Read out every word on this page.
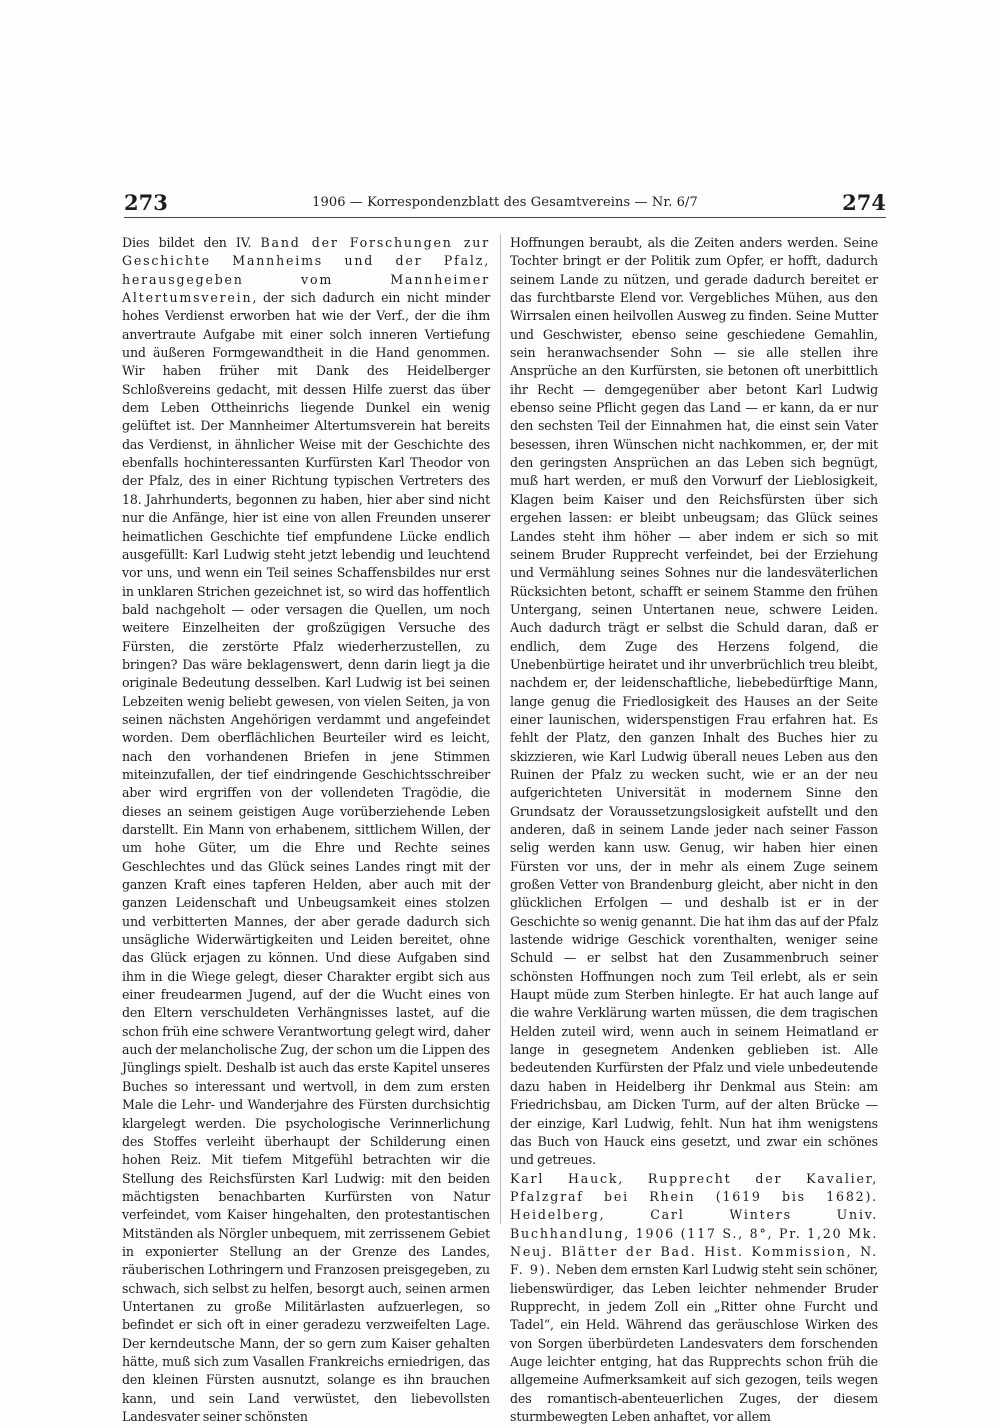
273	1906 — Korrespondenzblatt des Gesamtvereins — Nr. 6/7	274

Dies bildet den IV. Band der Forschungen zur Geschichte Mannheims und der Pfalz, herausgegeben vom Mannheimer Altertumsverein, der sich dadurch ein nicht minder hohes Verdienst erworben hat wie der Verf., der die ihm anvertraute Aufgabe mit einer solch inneren Vertiefung und äußeren Formgewandtheit in die Hand genommen. Wir haben früher mit Dank des Heidelberger Schloßvereins gedacht, mit dessen Hilfe zuerst das über dem Leben Ottheinrichs liegende Dunkel ein wenig gelüftet ist. Der Mannheimer Altertumsverein hat bereits das Verdienst, in ähnlicher Weise mit der Geschichte des ebenfalls hochinteressanten Kurfürsten Karl Theodor von der Pfalz, des in einer Richtung typischen Vertreters des 18. Jahrhunderts, begonnen zu haben, hier aber sind nicht nur die Anfänge, hier ist eine von allen Freunden unserer heimatlichen Geschichte tief empfundene Lücke endlich ausgefüllt: Karl Ludwig steht jetzt lebendig und leuchtend vor uns, und wenn ein Teil seines Schaffensbildes nur erst in unklaren Strichen gezeichnet ist, so wird das hoffentlich bald nachgeholt — oder versagen die Quellen, um noch weitere Einzelheiten der großzügigen Versuche des Fürsten, die zerstörte Pfalz wiederherzustellen, zu bringen? Das wäre beklagenswert, denn darin liegt ja die originale Bedeutung desselben. Karl Ludwig ist bei seinen Lebzeiten wenig beliebt gewesen, von vielen Seiten, ja von seinen nächsten Angehörigen verdammt und angefeindet worden. Dem oberflächlichen Beurteiler wird es leicht, nach den vorhandenen Briefen in jene Stimmen miteinzufallen, der tief eindringende Geschichtsschreiber aber wird ergriffen von der vollendeten Tragödie, die dieses an seinem geistigen Auge vorüberziehende Leben darstellt. Ein Mann von erhabenem, sittlichem Willen, der um hohe Güter, um die Ehre und Rechte seines Geschlechtes und das Glück seines Landes ringt mit der ganzen Kraft eines tapferen Helden, aber auch mit der ganzen Leidenschaft und Unbeugsamkeit eines stolzen und verbitterten Mannes, der aber gerade dadurch sich unsägliche Widerwärtigkeiten und Leiden bereitet, ohne das Glück erjagen zu können. Und diese Aufgaben sind ihm in die Wiege gelegt, dieser Charakter ergibt sich aus einer freudearmen Jugend, auf der die Wucht eines von den Eltern verschuldeten Verhängnisses lastet, auf die schon früh eine schwere Verantwortung gelegt wird, daher auch der melancholische Zug, der schon um die Lippen des Jünglings spielt. Deshalb ist auch das erste Kapitel unseres Buches so interessant und wertvoll, in dem zum ersten Male die Lehr- und Wanderjahre des Fürsten durchsichtig klargelegt werden. Die psychologische Verinnerlichung des Stoffes verleiht überhaupt der Schilderung einen hohen Reiz. Mit tiefem Mitgefühl betrachten wir die Stellung des Reichsfürsten Karl Ludwig: mit den beiden mächtigsten benachbarten Kurfürsten von Natur verfeindet, vom Kaiser hingehalten, den protestantischen Mitständen als Nörgler unbequem, mit zerrissenem Gebiet in exponierter Stellung an der Grenze des Landes, räuberischen Lothringern und Franzosen preisgegeben, zu schwach, sich selbst zu helfen, besorgt auch, seinen armen Untertanen zu große Militärlasten aufzuerlegen, so befindet er sich oft in einer geradezu verzweifelten Lage. Der kerndeutsche Mann, der so gern zum Kaiser gehalten hätte, muß sich zum Vasallen Frankreichs erniedrigen, das den kleinen Fürsten ausnutzt, solange es ihn brauchen kann, und sein Land verwüstet, den liebevollsten Landesvater seiner schönsten

Hoffnungen beraubt, als die Zeiten anders werden. Seine Tochter bringt er der Politik zum Opfer, er hofft, dadurch seinem Lande zu nützen, und gerade dadurch bereitet er das furchtbarste Elend vor. Vergebliches Mühen, aus den Wirrsalen einen heilvollen Ausweg zu finden. Seine Mutter und Geschwister, ebenso seine geschiedene Gemahlin, sein heranwachsender Sohn — sie alle stellen ihre Ansprüche an den Kurfürsten, sie betonen oft unerbittlich ihr Recht — demgegenüber aber betont Karl Ludwig ebenso seine Pflicht gegen das Land — er kann, da er nur den sechsten Teil der Einnahmen hat, die einst sein Vater besessen, ihren Wünschen nicht nachkommen, er, der mit den geringsten Ansprüchen an das Leben sich begnügt, muß hart werden, er muß den Vorwurf der Lieblosigkeit, Klagen beim Kaiser und den Reichsfürsten über sich ergehen lassen: er bleibt unbeugsam; das Glück seines Landes steht ihm höher — aber indem er sich so mit seinem Bruder Rupprecht verfeindet, bei der Erziehung und Vermählung seines Sohnes nur die landesväterlichen Rücksichten betont, schafft er seinem Stamme den frühen Untergang, seinen Untertanen neue, schwere Leiden. Auch dadurch trägt er selbst die Schuld daran, daß er endlich, dem Zuge des Herzens folgend, die Unebenbürtige heiratet und ihr unverbrüchlich treu bleibt, nachdem er, der leidenschaftliche, liebebedürftige Mann, lange genug die Friedlosigkeit des Hauses an der Seite einer launischen, widerspenstigen Frau erfahren hat. Es fehlt der Platz, den ganzen Inhalt des Buches hier zu skizzieren, wie Karl Ludwig überall neues Leben aus den Ruinen der Pfalz zu wecken sucht, wie er an der neu aufgerichteten Universität in modernem Sinne den Grundsatz der Voraussetzungslosigkeit aufstellt und den anderen, daß in seinem Lande jeder nach seiner Fasson selig werden kann usw. Genug, wir haben hier einen Fürsten vor uns, der in mehr als einem Zuge seinem großen Vetter von Brandenburg gleicht, aber nicht in den glücklichen Erfolgen — und deshalb ist er in der Geschichte so wenig genannt. Die hat ihm das auf der Pfalz lastende widrige Geschick vorenthalten, weniger seine Schuld — er selbst hat den Zusammenbruch seiner schönsten Hoffnungen noch zum Teil erlebt, als er sein Haupt müde zum Sterben hinlegte. Er hat auch lange auf die wahre Verklärung warten müssen, die dem tragischen Helden zuteil wird, wenn auch in seinem Heimatland er lange in gesegnetem Andenken geblieben ist. Alle bedeutenden Kurfürsten der Pfalz und viele unbedeutende dazu haben in Heidelberg ihr Denkmal aus Stein: am Friedrichsbau, am Dicken Turm, auf der alten Brücke — der einzige, Karl Ludwig, fehlt. Nun hat ihm wenigstens das Buch von Hauck eins gesetzt, und zwar ein schönes und getreues.

Karl Hauck, Rupprecht der Kavalier, Pfalzgraf bei Rhein (1619 bis 1682). Heidelberg, Carl Winters Univ. Buchhandlung, 1906 (117 S., 8°, Pr. 1,20 Mk. Neuj. Blätter der Bad. Hist. Kommission, N. F. 9). Neben dem ernsten Karl Ludwig steht sein schöner, liebenswürdiger, das Leben leichter nehmender Bruder Rupprecht, in jedem Zoll ein „Ritter ohne Furcht und Tadel“, ein Held. Während das geräuschlose Wirken des von Sorgen überbürdeten Landesvaters dem forschenden Auge leichter entging, hat das Rupprechts schon früh die allgemeine Aufmerksamkeit auf sich gezogen, teils wegen des romantisch-abenteuerlichen Zuges, der diesem sturmbewegten Leben anhaftet, vor allem
